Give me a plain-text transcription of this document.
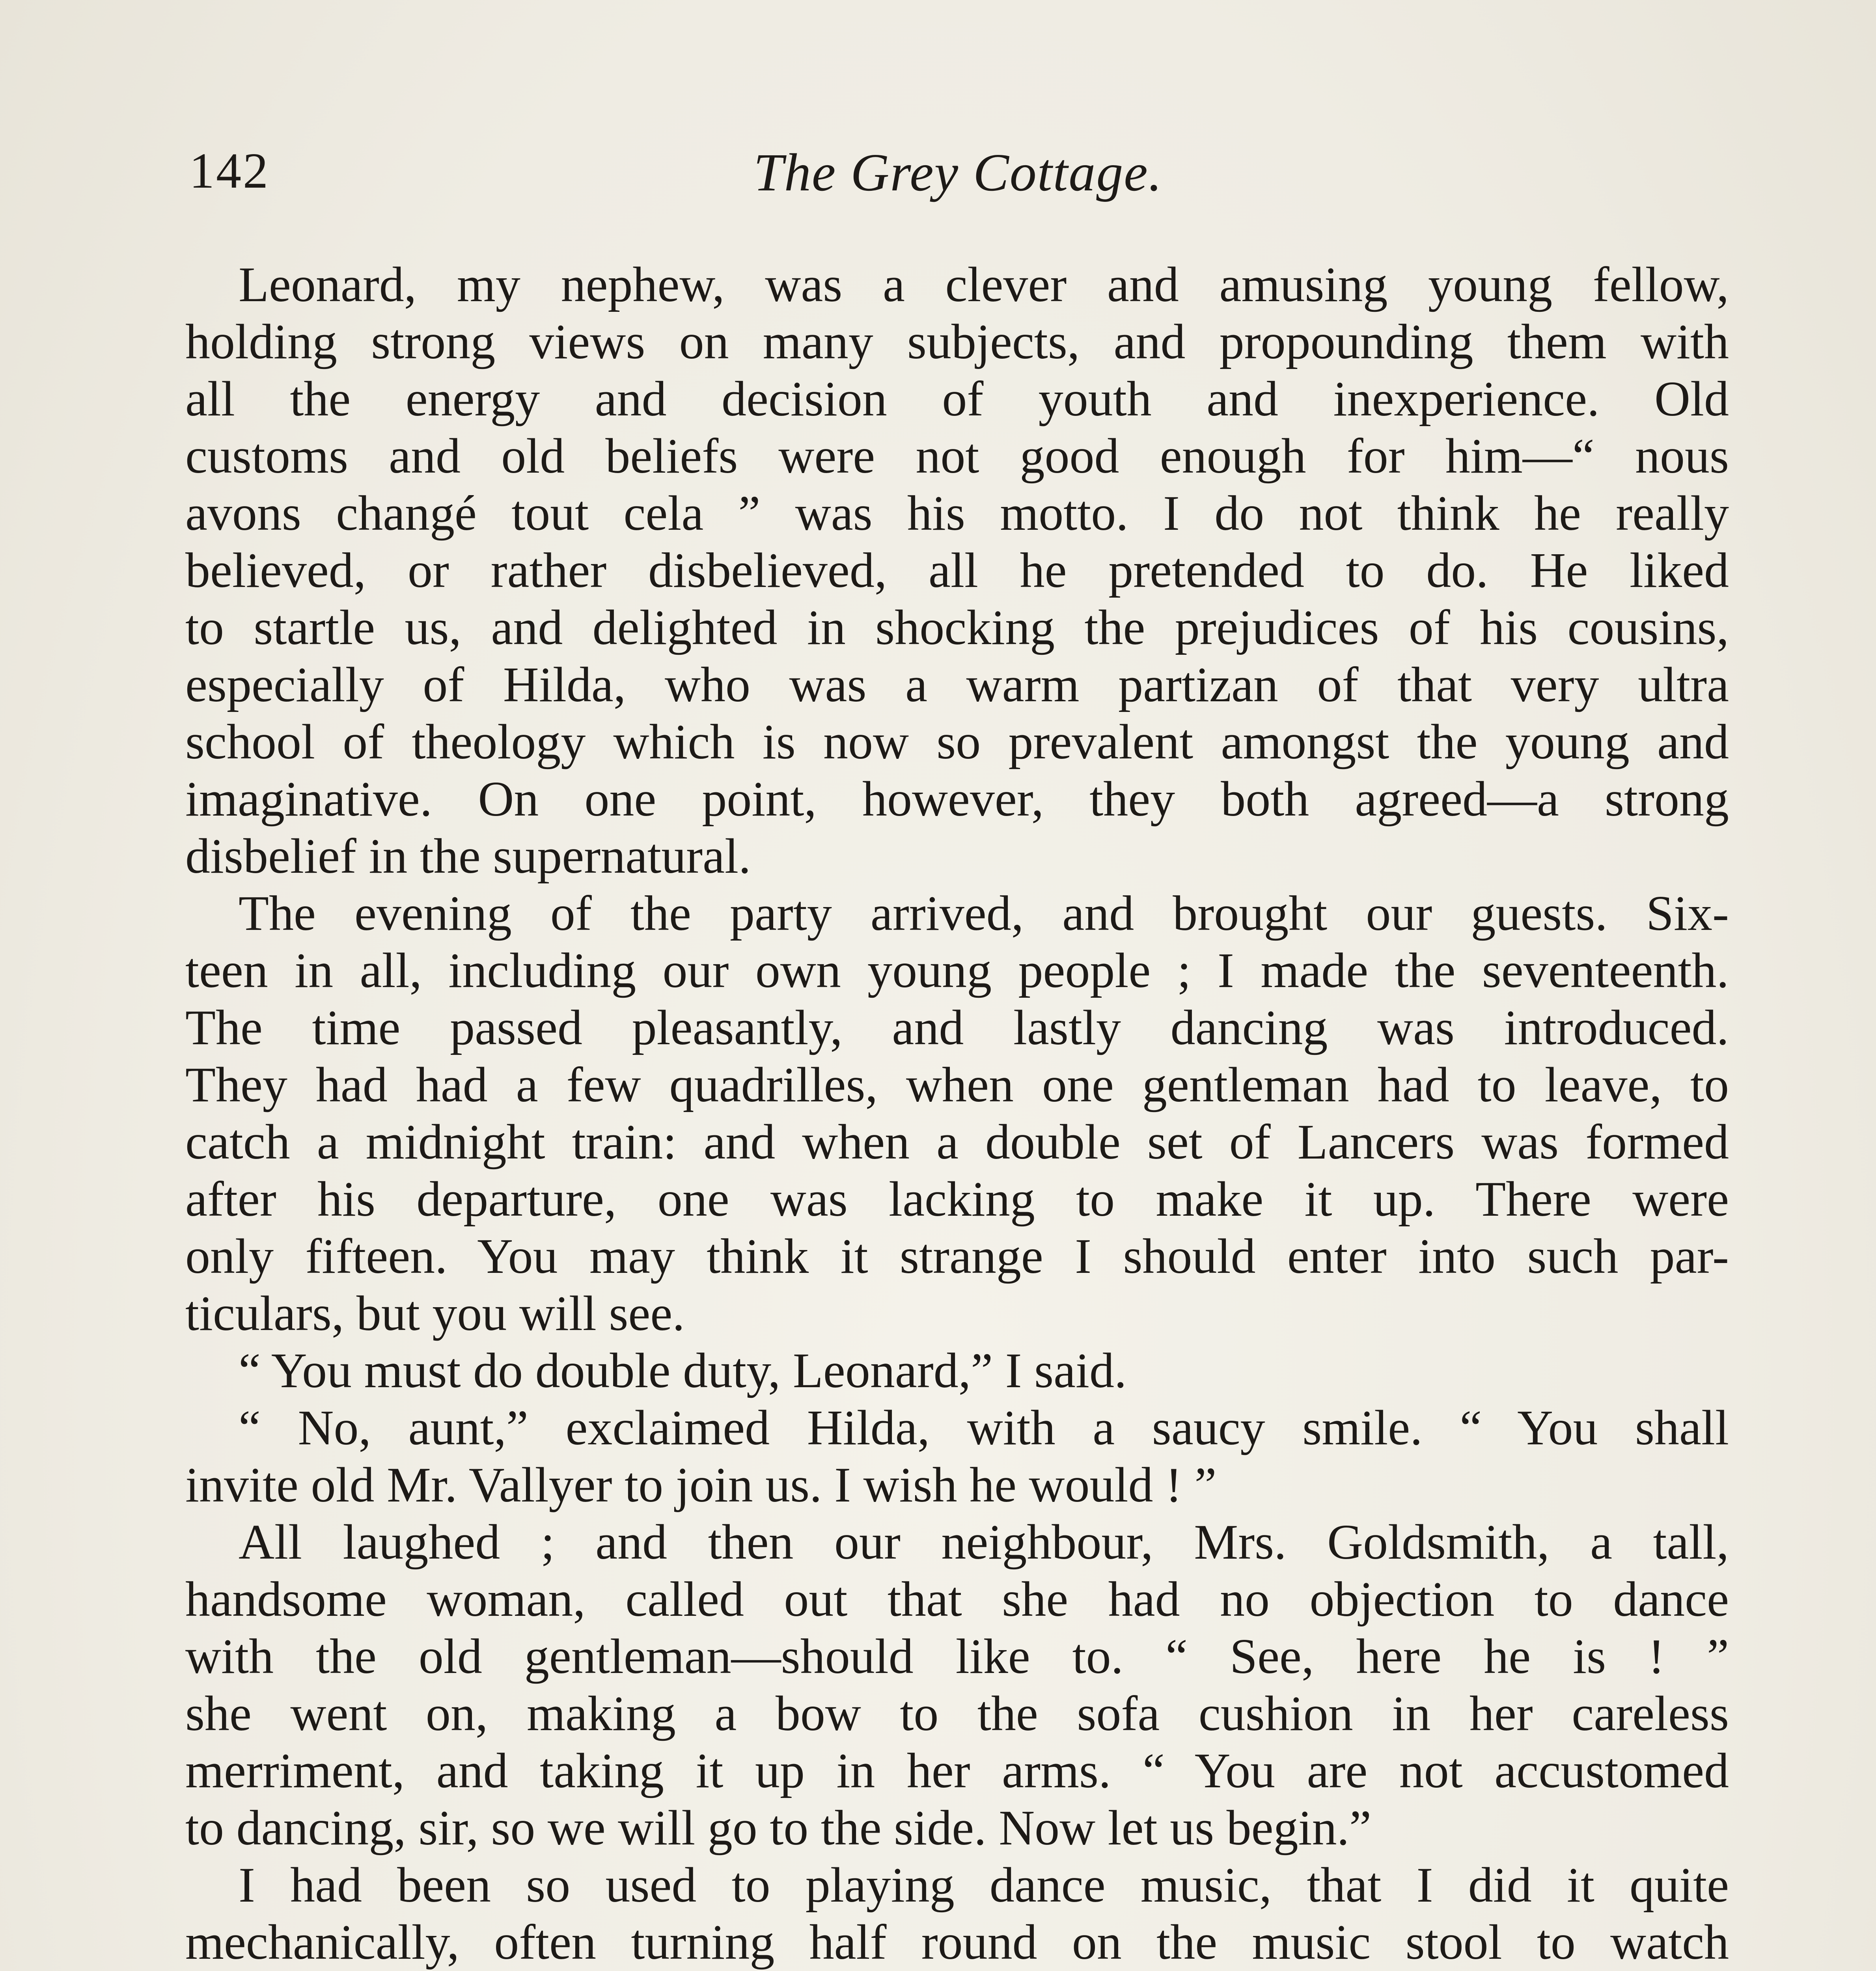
142	The Grey Cottage.
Leonard, my nephew, was a clever and amusing young fellow,
holding strong views on many subjects, and propounding them with
all the energy and decision of youth and inexperience. Old
customs and old beliefs were not good enough for him—“ nous
avons changé tout cela ” was his motto. I do not think he really
believed, or rather disbelieved, all he pretended to do. He liked
to startle us, and delighted in shocking the prejudices of his cousins,
especially of Hilda, who was a warm partizan of that very ultra
school of theology which is now so prevalent amongst the young and
imaginative. On one point, however, they both agreed—a strong
disbelief in the supernatural.
The evening of the party arrived, and brought our guests. Six-
teen in all, including our own young people ; I made the seventeenth.
The time passed pleasantly, and lastly dancing was introduced.
They had had a few quadrilles, when one gentleman had to leave, to
catch a midnight train: and when a double set of Lancers was formed
after his departure, one was lacking to make it up. There were
only fifteen. You may think it strange I should enter into such par-
ticulars, but you will see.
“ You must do double duty, Leonard,” I said.
“ No, aunt,” exclaimed Hilda, with a saucy smile. “ You shall
invite old Mr. Vallyer to join us. I wish he would ! ”
All laughed ; and then our neighbour, Mrs. Goldsmith, a tall,
handsome woman, called out that she had no objection to dance
with the old gentleman—should like to. “ See, here he is ! ”
she went on, making a bow to the sofa cushion in her careless
merriment, and taking it up in her arms. “ You are not accustomed
to dancing, sir, so we will go to the side. Now let us begin.”
I had been so used to playing dance music, that I did it quite
mechanically, often turning half round on the music stool to watch
